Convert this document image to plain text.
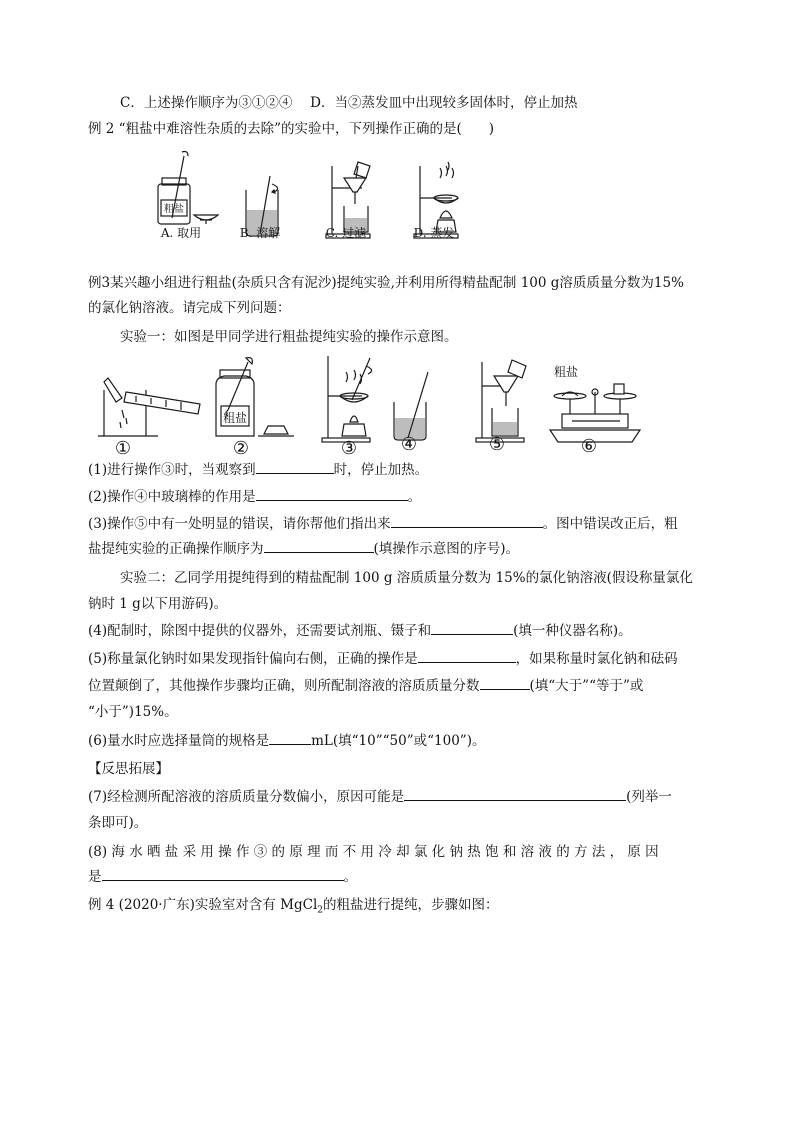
C．上述操作顺序为③①②④　 D．当②蒸发皿中出现较多固体时，停止加热
例 2 “粗盐中难溶性杂质的去除”的实验中，下列操作正确的是(　　)
粗盐
A. 取用	B. 溶解	C. 过滤	D. 蒸发
例3某兴趣小组进行粗盐(杂质只含有泥沙)提纯实验,并利用所得精盐配制 100 g溶质质量分数为15%
的氯化钠溶液。请完成下列问题：
实验一：如图是甲同学进行粗盐提纯实验的操作示意图。
粗盐
粗盐
①	②	③	④	⑤	⑥
(1)进行操作③时，当观察到	时，停止加热。
(2)操作④中玻璃棒的作用是	。
(3)操作⑤中有一处明显的错误，请你帮他们指出来	。图中错误改正后，粗
盐提纯实验的正确操作顺序为	(填操作示意图的序号)。
实验二：乙同学用提纯得到的精盐配制 100 g 溶质质量分数为 15%的氯化钠溶液(假设称量氯化
钠时 1 g以下用游码)。
(4)配制时，除图中提供的仪器外，还需要试剂瓶、镊子和	(填一种仪器名称)。
(5)称量氯化钠时如果发现指针偏向右侧，正确的操作是	，如果称量时氯化钠和砝码
位置颠倒了，其他操作步骤均正确，则所配制溶液的溶质质量分数	(填“大于”“等于”或
“小于”)15%。
(6)量水时应选择量筒的规格是	mL(填“10”“50”或“100”)。
【反思拓展】
(7)经检测所配溶液的溶质质量分数偏小，原因可能是	(列举一
条即可)。
(8) 海 水 晒 盐 采 用 操 作 ③ 的 原 理 而 不 用 冷 却 氯 化 钠 热 饱 和 溶 液 的 方 法 ， 原 因
是	。
例 4 (2020·广东)实验室对含有 MgCl$_2$的粗盐进行提纯，步骤如图：
